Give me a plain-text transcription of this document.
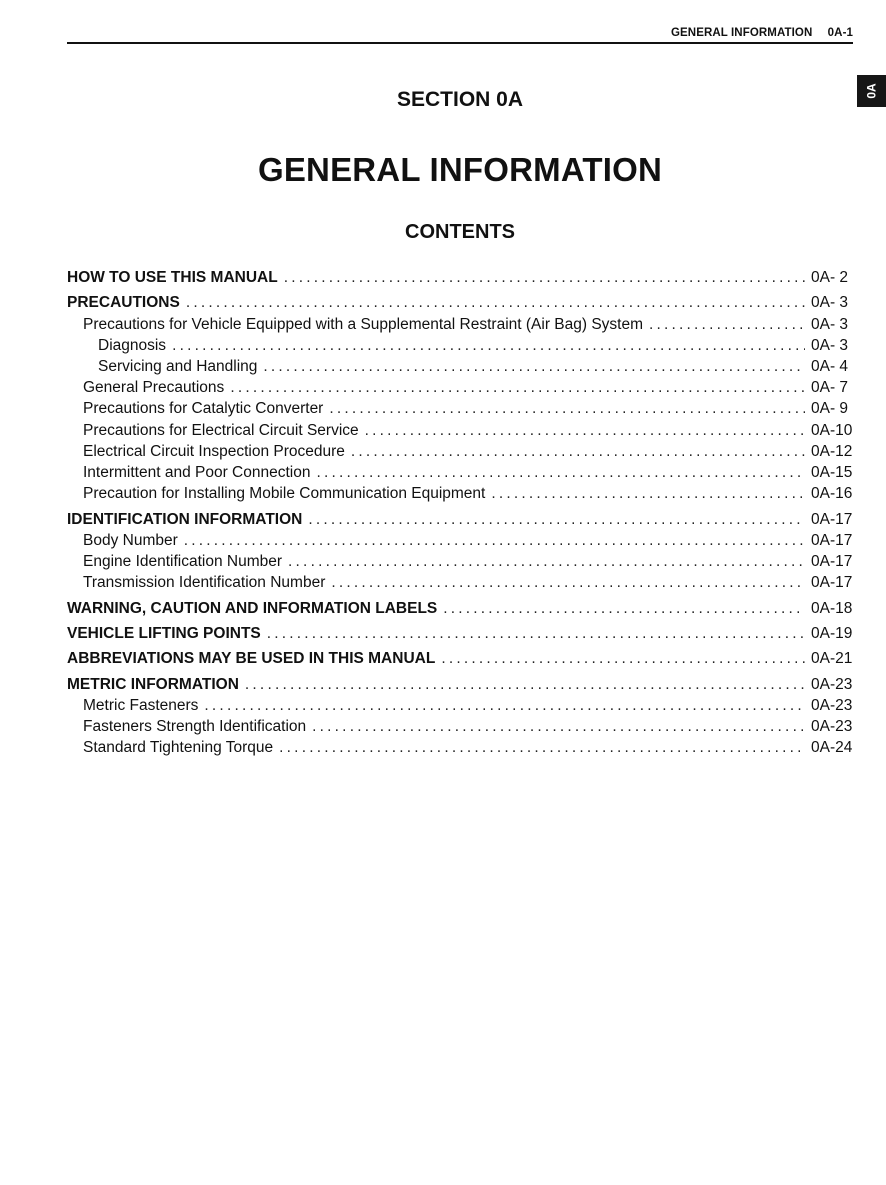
GENERAL INFORMATION 0A-1
0A
SECTION 0A
GENERAL INFORMATION
CONTENTS
HOW TO USE THIS MANUAL .....	0A- 2
PRECAUTIONS .....	0A- 3
Precautions for Vehicle Equipped with a Supplemental Restraint (Air Bag) System .....	0A- 3
Diagnosis .....	0A- 3
Servicing and Handling .....	0A- 4
General Precautions .....	0A- 7
Precautions for Catalytic Converter .....	0A- 9
Precautions for Electrical Circuit Service .....	0A-10
Electrical Circuit Inspection Procedure .....	0A-12
Intermittent and Poor Connection .....	0A-15
Precaution for Installing Mobile Communication Equipment .....	0A-16
IDENTIFICATION INFORMATION .....	0A-17
Body Number .....	0A-17
Engine Identification Number .....	0A-17
Transmission Identification Number .....	0A-17
WARNING, CAUTION AND INFORMATION LABELS .....	0A-18
VEHICLE LIFTING POINTS .....	0A-19
ABBREVIATIONS MAY BE USED IN THIS MANUAL .....	0A-21
METRIC INFORMATION .....	0A-23
Metric Fasteners .....	0A-23
Fasteners Strength Identification .....	0A-23
Standard Tightening Torque .....	0A-24
